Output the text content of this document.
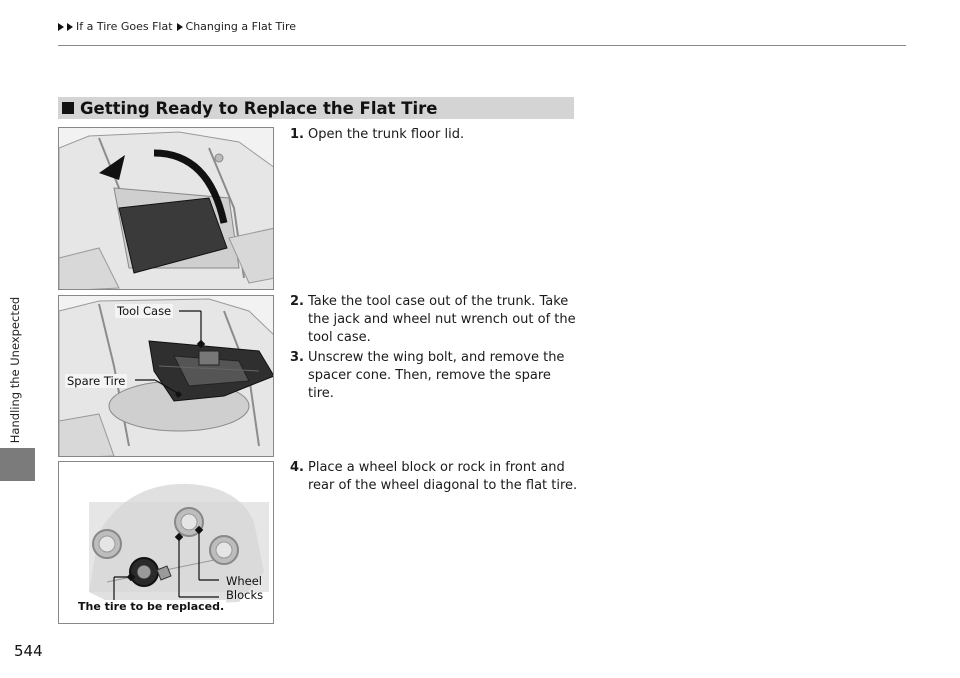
If a Tire Goes Flat Changing a Flat Tire
Handling the Unexpected
544
Getting Ready to Replace the Flat Tire
Tool Case
Spare Tire
Wheel
Blocks
The tire to be replaced.
1. Open the trunk floor lid.
2. Take the tool case out of the trunk. Take the jack and wheel nut wrench out of the tool case.
3. Unscrew the wing bolt, and remove the spacer cone. Then, remove the spare tire.
4. Place a wheel block or rock in front and rear of the wheel diagonal to the flat tire.
